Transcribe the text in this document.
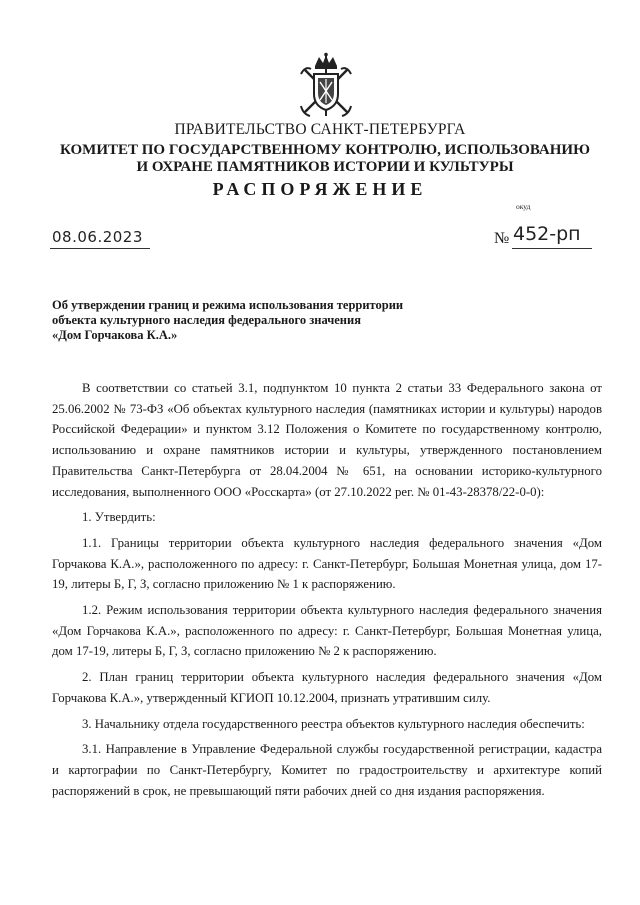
ПРАВИТЕЛЬСТВО САНКТ-ПЕТЕРБУРГА
КОМИТЕТ ПО ГОСУДАРСТВЕННОМУ КОНТРОЛЮ, ИСПОЛЬЗОВАНИЮ
И ОХРАНЕ ПАМЯТНИКОВ ИСТОРИИ И КУЛЬТУРЫ
РАСПОРЯЖЕНИЕ
окуд
08.06.2023	№ 452-рп
Об утверждении границ и режима использования территории
объекта культурного наследия федерального значения
«Дом Горчакова К.А.»

В соответствии со статьей 3.1, подпунктом 10 пункта 2 статьи 33 Федерального закона от 25.06.2002 № 73-ФЗ «Об объектах культурного наследия (памятниках истории и культуры) народов Российской Федерации» и пунктом 3.12 Положения о Комитете по государственному контролю, использованию и охране памятников истории и культуры, утвержденного постановлением Правительства Санкт-Петербурга от 28.04.2004 № 651, на основании историко-культурного исследования, выполненного ООО «Росскарта» (от 27.10.2022 рег. № 01-43-28378/22-0-0):

1. Утвердить:

1.1. Границы территории объекта культурного наследия федерального значения «Дом Горчакова К.А.», расположенного по адресу: г. Санкт-Петербург, Большая Монетная улица, дом 17-19, литеры Б, Г, З, согласно приложению № 1 к распоряжению.

1.2. Режим использования территории объекта культурного наследия федерального значения «Дом Горчакова К.А.», расположенного по адресу: г. Санкт-Петербург, Большая Монетная улица, дом 17-19, литеры Б, Г, З, согласно приложению № 2 к распоряжению.

2. План границ территории объекта культурного наследия федерального значения «Дом Горчакова К.А.», утвержденный КГИОП 10.12.2004, признать утратившим силу.

3. Начальнику отдела государственного реестра объектов культурного наследия обеспечить:

3.1. Направление в Управление Федеральной службы государственной регистрации, кадастра и картографии по Санкт-Петербургу, Комитет по градостроительству и архитектуре копий распоряжений в срок, не превышающий пяти рабочих дней со дня издания распоряжения.
